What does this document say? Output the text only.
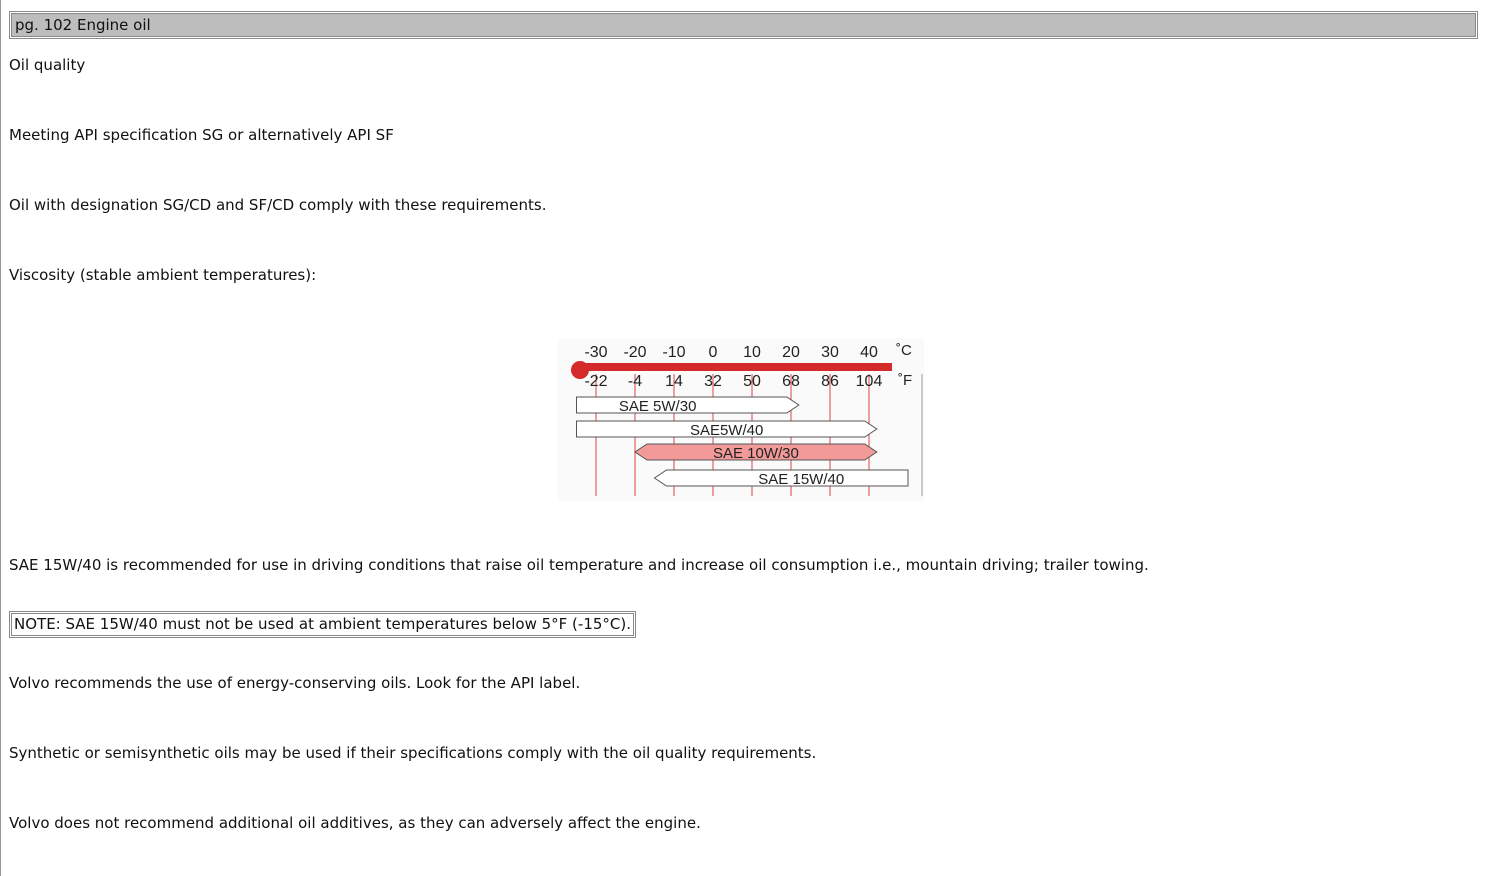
pg. 102 Engine oil

Oil quality

Meeting API specification SG or alternatively API SF

Oil with designation SG/CD and SF/CD comply with these requirements.

Viscosity (stable ambient temperatures):

-30 -20 -10 0 10 20 30 40
-22 -4 14 32 50 68 86 104
˚C
˚F
SAE 5W/30
SAE5W/40
SAE 10W/30
SAE 15W/40

SAE 15W/40 is recommended for use in driving conditions that raise oil temperature and increase oil consumption i.e., mountain driving; trailer towing.

NOTE: SAE 15W/40 must not be used at ambient temperatures below 5°F (-15°C).

Volvo recommends the use of energy-conserving oils. Look for the API label.

Synthetic or semisynthetic oils may be used if their specifications comply with the oil quality requirements.

Volvo does not recommend additional oil additives, as they can adversely affect the engine.
